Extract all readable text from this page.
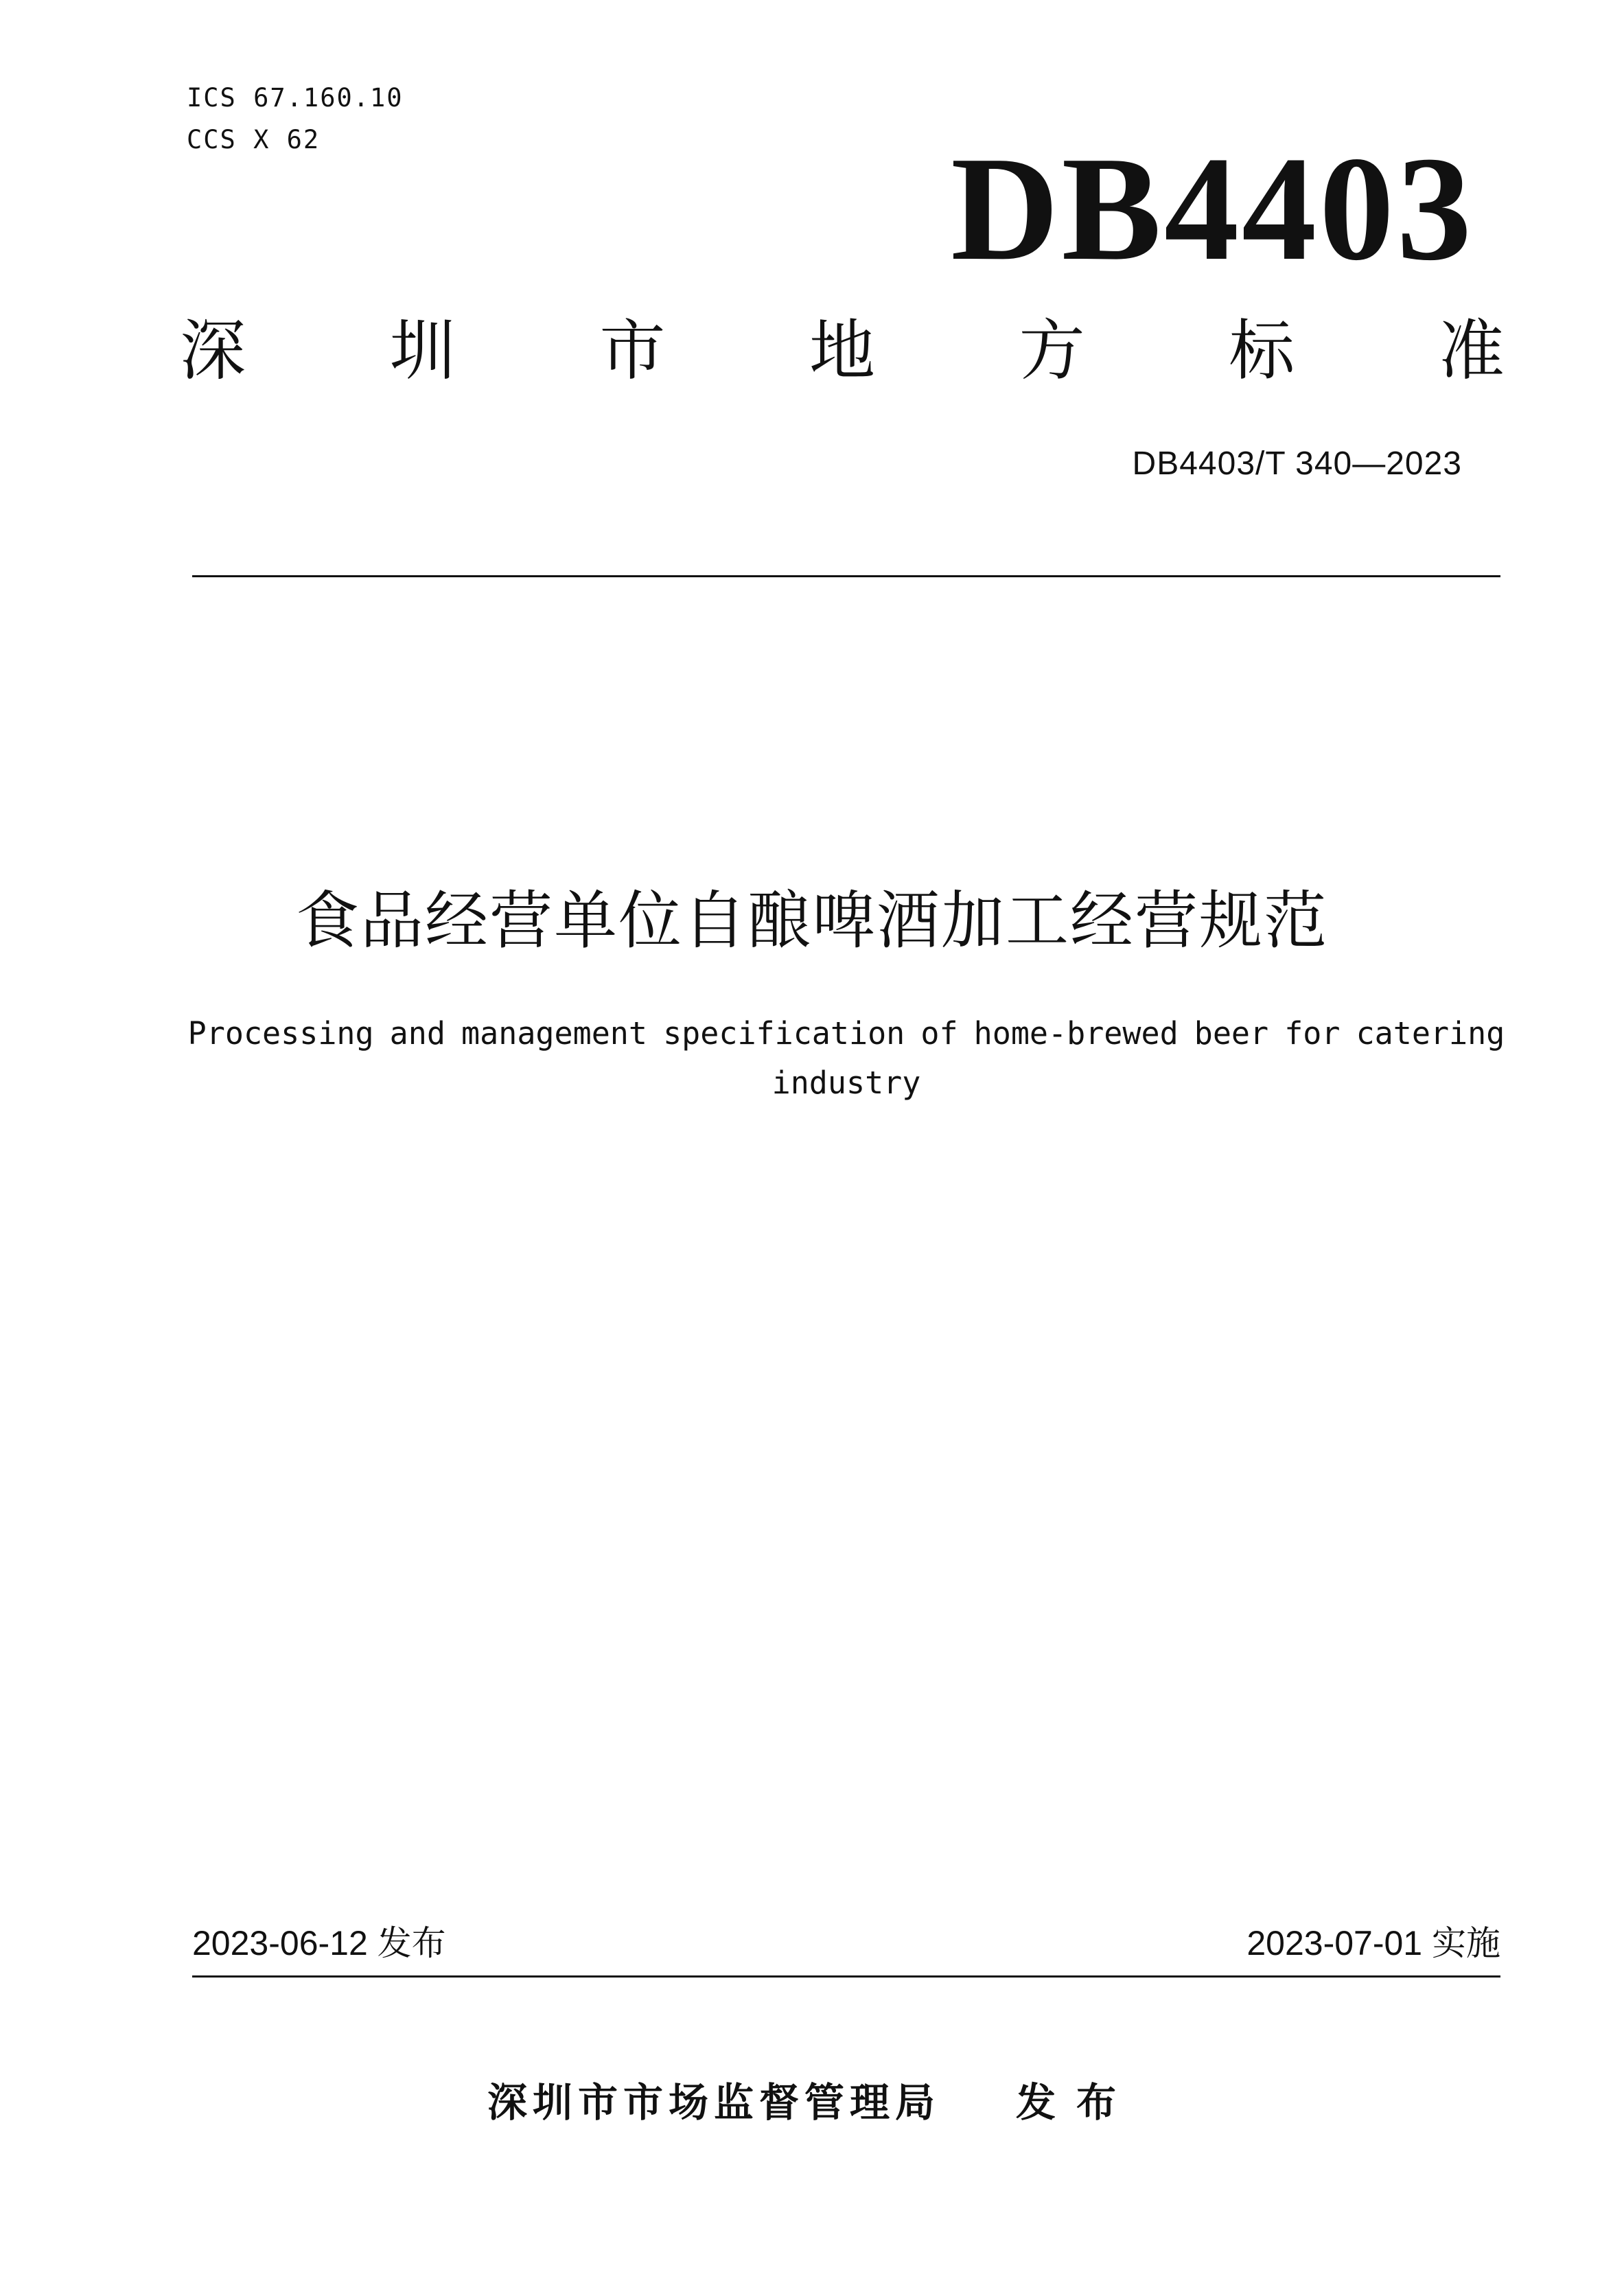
ICS 67.160.10
CCS X 62	DB4403
深 圳 市 地 方 标 准
DB4403/T 340—2023
食品经营单位自酿啤酒加工经营规范
Processing and management specification of home-brewed beer for catering
industry
2023-06-12 发布	2023-07-01 实施
深圳市市场监督管理局 发布
